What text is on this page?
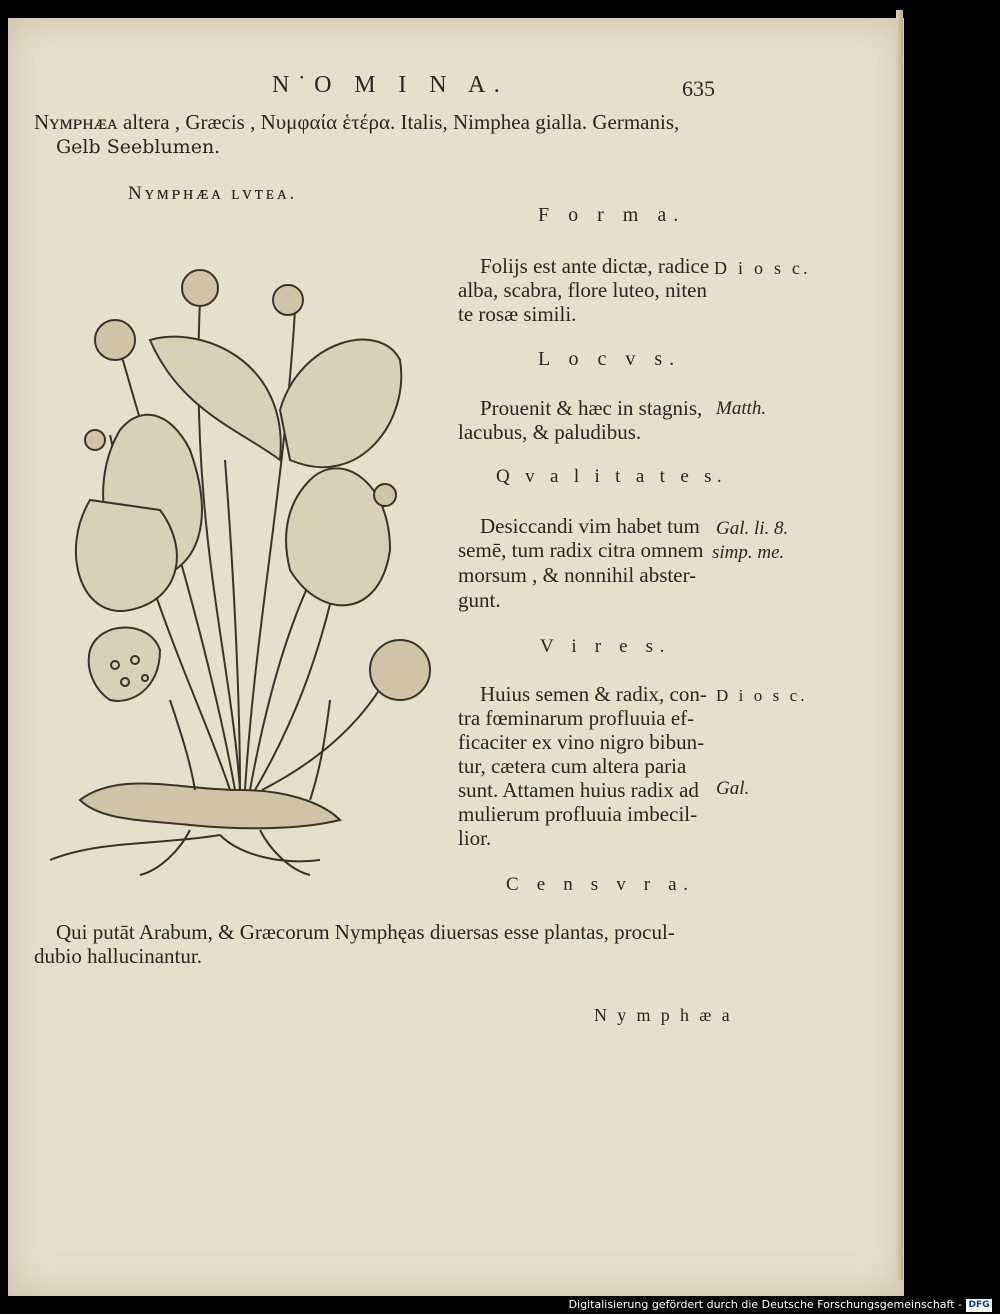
N˙O M I N A.	635
Nʏᴍᴘʜᴁᴀ altera , Græcis , Νυμφαία ἑτέρα. Italis, Nimphea gialla. Germanis,
Gelb Seeblumen.
Nʏᴍᴘʜᴁᴀ ʟᴠᴛᴇᴀ.
F o r m a.
Folijs est ante dictæ, radice
alba, scabra, flore luteo, niten
te rosæ simili.
D i o s c.
L o c v s.
Prouenit & hæc in stagnis,
lacubus, & paludibus.
Matth.
Q v a l i t a t e s.
Desiccandi vim habet tum
semē, tum radix citra omnem
morsum , & nonnihil abster-
gunt.
Gal. li. 8.
simp. me.
V i r e s.
Huius semen & radix, con-
tra fœminarum profluuia ef-
ficaciter ex vino nigro bibun-
tur, cætera cum altera paria
sunt. Attamen huius radix ad
mulierum profluuia imbecil-
lior.
D i o s c.
Gal.
C e n s v r a.
Qui putāt Arabum, & Græcorum Nymphęas diuersas esse plantas, procul-
dubio hallucinantur.
N y m p h æ a
Digitalisierung gefördert durch die Deutsche Forschungsgemeinschaft - DFG
